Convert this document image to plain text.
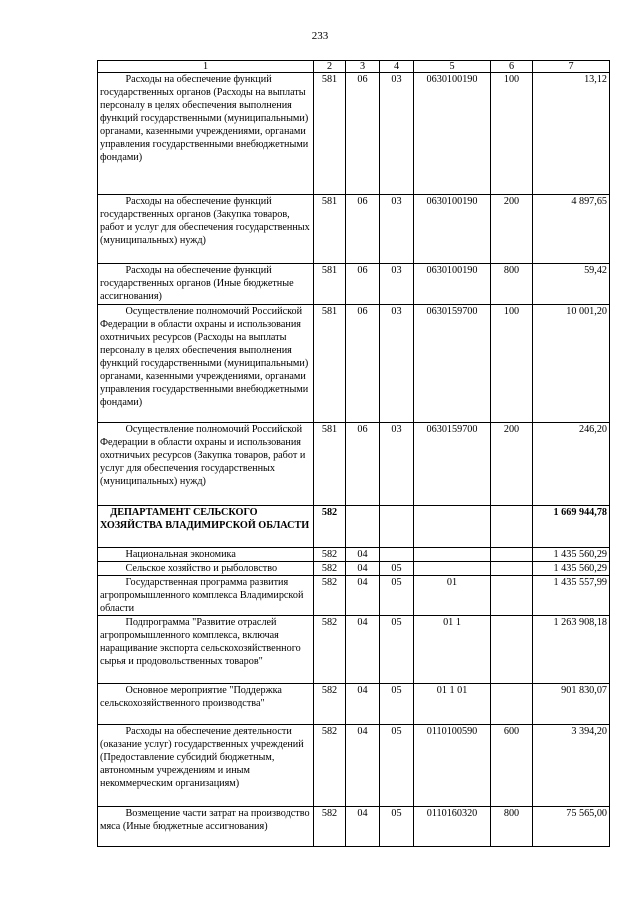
233
1	2	3	4	5	6	7
Расходы на обеспечение функций государственных органов (Расходы на выплаты персоналу в целях обеспечения выполнения функций государственными (муниципальными) органами, казенными учреждениями, органами управления государственными внебюджетными фондами)	581	06	03	0630100190	100	13,12
Расходы на обеспечение функций государственных органов (Закупка товаров, работ и услуг для обеспечения государственных (муниципальных) нужд)	581	06	03	0630100190	200	4 897,65
Расходы на обеспечение функций государственных органов (Иные бюджетные ассигнования)	581	06	03	0630100190	800	59,42
Осуществление полномочий Российской Федерации в области охраны и использования охотничьих ресурсов (Расходы на выплаты персоналу в целях обеспечения выполнения функций государственными (муниципальными) органами, казенными учреждениями, органами управления государственными внебюджетными фондами)	581	06	03	0630159700	100	10 001,20
Осуществление полномочий Российской Федерации в области охраны и использования охотничьих ресурсов (Закупка товаров, работ и услуг для обеспечения государственных (муниципальных) нужд)	581	06	03	0630159700	200	246,20
ДЕПАРТАМЕНТ СЕЛЬСКОГО ХОЗЯЙСТВА ВЛАДИМИРСКОЙ ОБЛАСТИ	582					1 669 944,78
Национальная экономика	582	04				1 435 560,29
Сельское хозяйство и рыболовство	582	04	05			1 435 560,29
Государственная программа развития агропромышленного комплекса Владимирской области	582	04	05	01		1 435 557,99
Подпрограмма "Развитие отраслей агропромышленного комплекса, включая наращивание экспорта сельскохозяйственного сырья и продовольственных товаров"	582	04	05	01 1		1 263 908,18
Основное мероприятие "Поддержка сельскохозяйственного производства"	582	04	05	01 1 01		901 830,07
Расходы на обеспечение деятельности (оказание услуг) государственных учреждений (Предоставление субсидий бюджетным, автономным учреждениям и иным некоммерческим организациям)	582	04	05	0110100590	600	3 394,20
Возмещение части затрат на производство мяса (Иные бюджетные ассигнования)	582	04	05	0110160320	800	75 565,00
